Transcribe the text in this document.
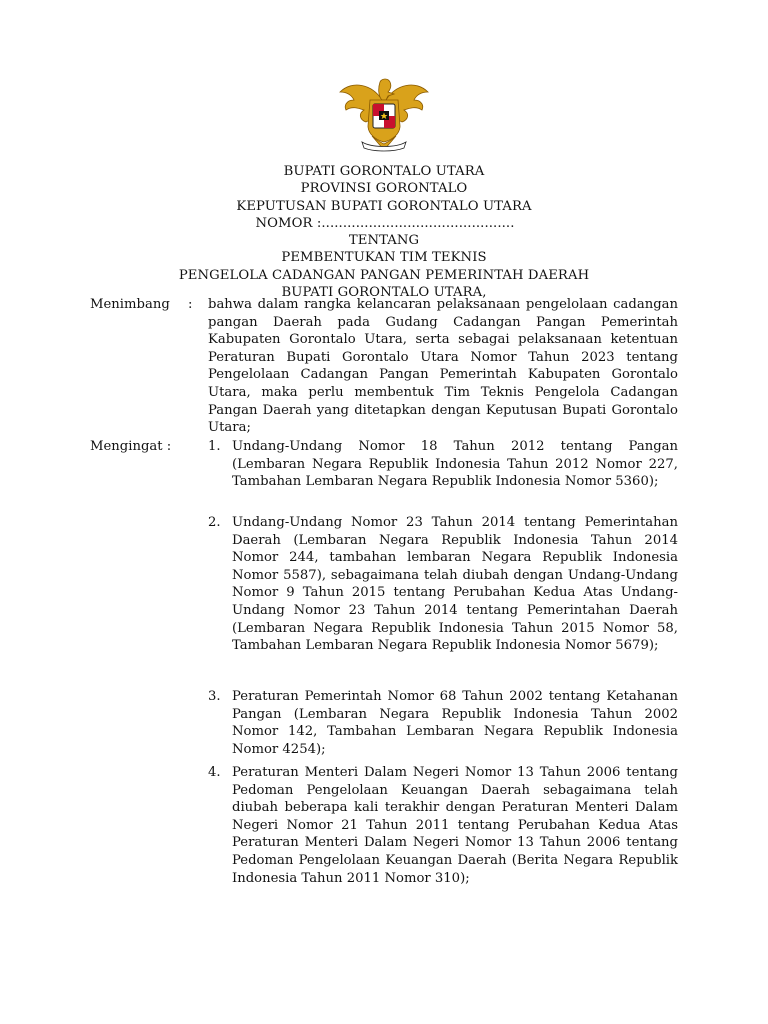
BUPATI GORONTALO UTARA
PROVINSI GORONTALO
KEPUTUSAN BUPATI GORONTALO UTARA
NOMOR :.............................................
TENTANG
PEMBENTUKAN TIM TEKNIS
PENGELOLA CADANGAN PANGAN PEMERINTAH DAERAH
BUPATI GORONTALO UTARA,
Menimbang : bahwa dalam rangka kelancaran pelaksanaan pengelolaan cadangan pangan Daerah pada Gudang Cadangan Pangan Pemerintah Kabupaten Gorontalo Utara, serta sebagai pelaksanaan ketentuan Peraturan Bupati Gorontalo Utara Nomor Tahun 2023 tentang Pengelolaan Cadangan Pangan Pemerintah Kabupaten Gorontalo Utara, maka perlu membentuk Tim Teknis Pengelola Cadangan Pangan Daerah yang ditetapkan dengan Keputusan Bupati Gorontalo Utara;
Mengingat :	1. Undang-Undang Nomor 18 Tahun 2012 tentang Pangan (Lembaran Negara Republik Indonesia Tahun 2012 Nomor 227, Tambahan Lembaran Negara Republik Indonesia Nomor 5360);
2. Undang-Undang Nomor 23 Tahun 2014 tentang Pemerintahan Daerah (Lembaran Negara Republik Indonesia Tahun 2014 Nomor 244, tambahan lembaran Negara Republik Indonesia Nomor 5587), sebagaimana telah diubah dengan Undang-Undang Nomor 9 Tahun 2015 tentang Perubahan Kedua Atas Undang-Undang Nomor 23 Tahun 2014 tentang Pemerintahan Daerah (Lembaran Negara Republik Indonesia Tahun 2015 Nomor 58, Tambahan Lembaran Negara Republik Indonesia Nomor 5679);
3. Peraturan Pemerintah Nomor 68 Tahun 2002 tentang Ketahanan Pangan (Lembaran Negara Republik Indonesia Tahun 2002 Nomor 142, Tambahan Lembaran Negara Republik Indonesia Nomor 4254);
4. Peraturan Menteri Dalam Negeri Nomor 13 Tahun 2006 tentang Pedoman Pengelolaan Keuangan Daerah sebagaimana telah diubah beberapa kali terakhir dengan Peraturan Menteri Dalam Negeri Nomor 21 Tahun 2011 tentang Perubahan Kedua Atas Peraturan Menteri Dalam Negeri Nomor 13 Tahun 2006 tentang Pedoman Pengelolaan Keuangan Daerah (Berita Negara Republik Indonesia Tahun 2011 Nomor 310);
